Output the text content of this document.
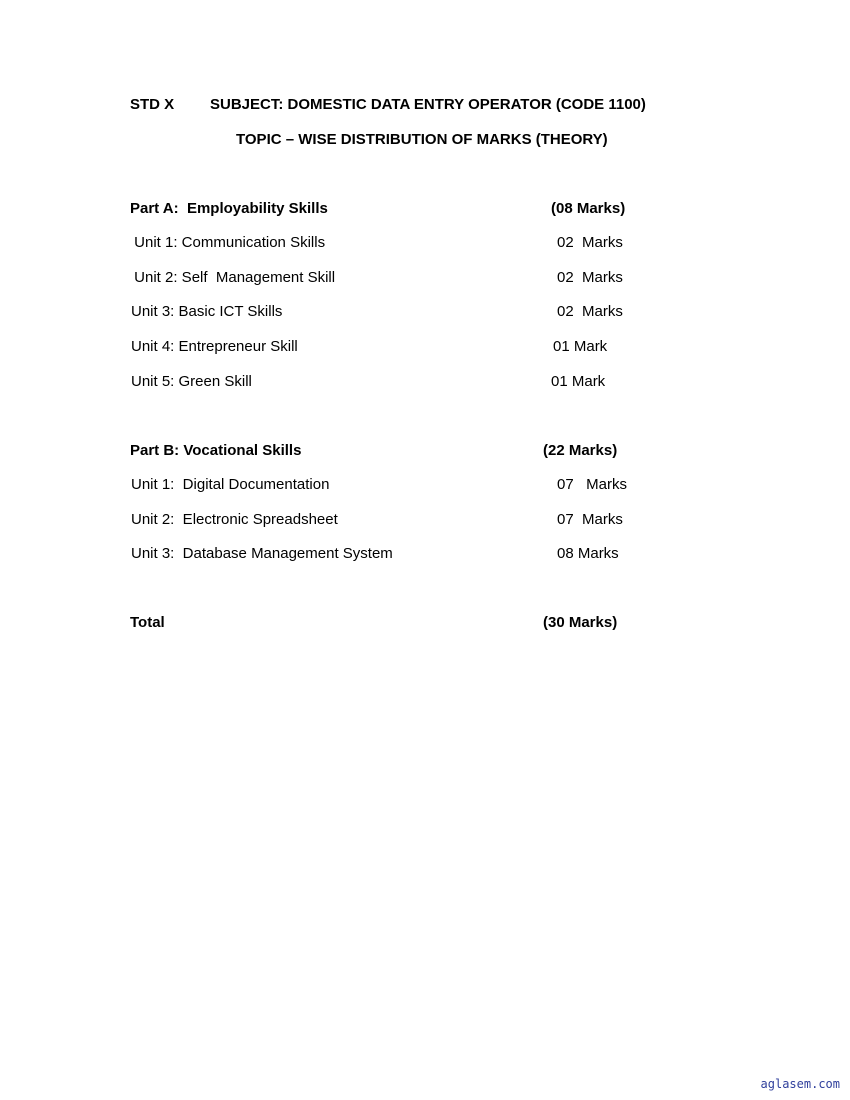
STD X SUBJECT: DOMESTIC DATA ENTRY OPERATOR (CODE 1100)
TOPIC – WISE DISTRIBUTION OF MARKS (THEORY)
Part A:  Employability Skills	(08 Marks)
Unit 1: Communication Skills	02  Marks
Unit 2: Self  Management Skill	02  Marks
Unit 3: Basic ICT Skills	02  Marks
Unit 4: Entrepreneur Skill	01 Mark
Unit 5: Green Skill	01 Mark
Part B: Vocational Skills	(22 Marks)
Unit 1:  Digital Documentation	07   Marks
Unit 2:  Electronic Spreadsheet	07  Marks
Unit 3:  Database Management System	08 Marks
Total	(30 Marks)
aglasem.com
